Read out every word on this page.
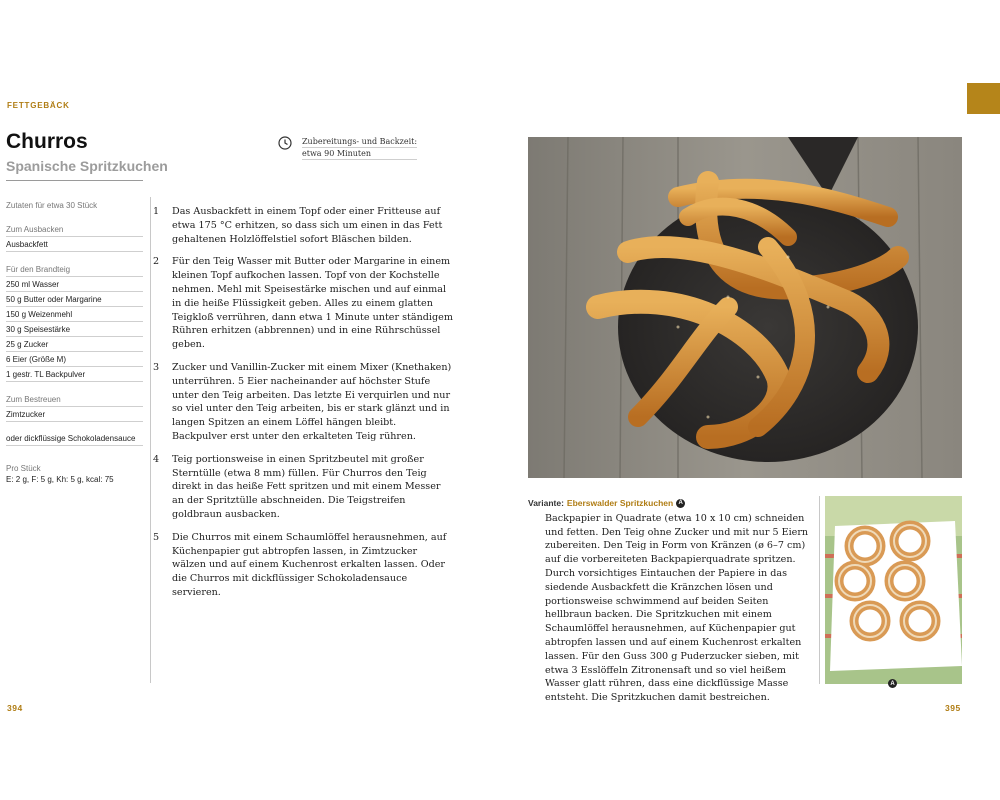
FETTGEBÄCK
Churros
Spanische Spritzkuchen
Zubereitungs- und Backzeit:
etwa 90 Minuten
Zutaten für etwa 30 Stück
Zum Ausbacken
Ausbackfett
Für den Brandteig
250 ml Wasser
50 g Butter oder Margarine
150 g Weizenmehl
30 g Speisestärke
25 g Zucker
6 Eier (Größe M)
1 gestr. TL Backpulver
Zum Bestreuen
Zimtzucker
oder dickflüssige Schokoladensauce
Pro Stück
E: 2 g, F: 5 g, Kh: 5 g, kcal: 75
1	Das Ausbackfett in einem Topf oder einer Fritteuse auf etwa 175 °C erhitzen, so dass sich um einen in das Fett gehaltenen Holzlöffelstiel sofort Bläschen bilden.
2	Für den Teig Wasser mit Butter oder Margarine in einem kleinen Topf aufkochen lassen. Topf von der Kochstelle nehmen. Mehl mit Speisestärke mischen und auf einmal in die heiße Flüssigkeit geben. Alles zu einem glatten Teigkloß verrühren, dann etwa 1 Minute unter ständigem Rühren erhitzen (abbrennen) und in eine Rührschüssel geben.
3	Zucker und Vanillin-Zucker mit einem Mixer (Knethaken) unterrühren. 5 Eier nacheinander auf höchster Stufe unter den Teig arbeiten. Das letzte Ei verquirlen und nur so viel unter den Teig arbeiten, bis er stark glänzt und in langen Spitzen an einem Löffel hängen bleibt. Backpulver erst unter den erkalteten Teig rühren.
4	Teig portionsweise in einen Spritzbeutel mit großer Sterntülle (etwa 8 mm) füllen. Für Churros den Teig direkt in das heiße Fett spritzen und mit einem Messer an der Spritztülle abschneiden. Die Teigstreifen goldbraun ausbacken.
5	Die Churros mit einem Schaumlöffel herausnehmen, auf Küchenpapier gut abtropfen lassen, in Zimtzucker wälzen und auf einem Kuchenrost erkalten lassen. Oder die Churros mit dickflüssiger Schokoladensauce servieren.
Variante: Eberswalder Spritzkuchen A
Backpapier in Quadrate (etwa 10 x 10 cm) schneiden und fetten. Den Teig ohne Zucker und mit nur 5 Eiern zubereiten. Den Teig in Form von Kränzen (ø 6–7 cm) auf die vorbereiteten Backpapierquadrate spritzen. Durch vorsichtiges Eintauchen der Papiere in das siedende Ausbackfett die Kränzchen lösen und portionsweise schwimmend auf beiden Seiten hellbraun backen. Die Spritzkuchen mit einem Schaumlöffel herausnehmen, auf Küchenpapier gut abtropfen lassen und auf einem Kuchenrost erkalten lassen. Für den Guss 300 g Puderzucker sieben, mit etwa 3 Esslöffeln Zitronensaft und so viel heißem Wasser glatt rühren, dass eine dickflüssige Masse entsteht. Die Spritzkuchen damit bestreichen.
A
394	395
